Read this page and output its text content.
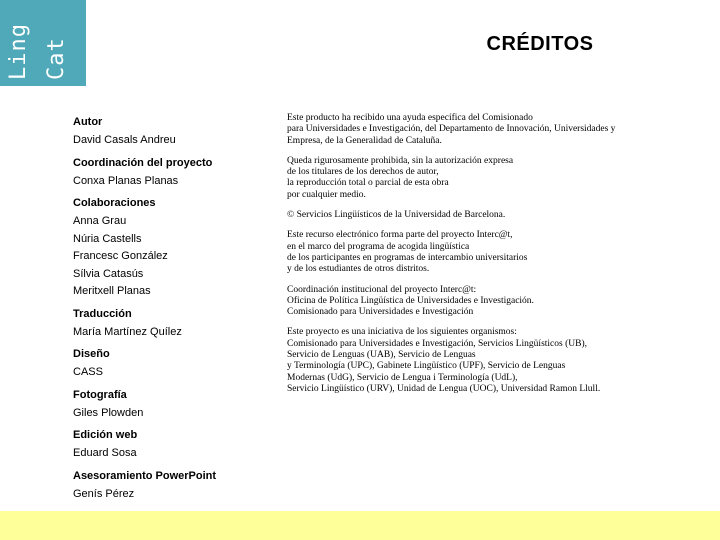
Ling Cat	CRÉDITOS
Autor
David Casals Andreu
Coordinación del proyecto
Conxa Planas Planas
Colaboraciones
Anna Grau
Núria Castells
Francesc González
Sílvia Catasús
Meritxell Planas
Traducción
María Martínez Quílez
Diseño
CASS
Fotografía
Giles Plowden
Edición web
Eduard Sosa
Asesoramiento PowerPoint
Genís Pérez
Este producto ha recibido una ayuda específica del Comisionado
para Universidades e Investigación, del Departamento de Innovación, Universidades y
Empresa, de la Generalidad de Cataluña.
Queda rigurosamente prohibida, sin la autorización expresa
de los titulares de los derechos de autor,
la reproducción total o parcial de esta obra
por cualquier medio.
© Servicios Lingüísticos de la Universidad de Barcelona.
Este recurso electrónico forma parte del proyecto Interc@t,
en el marco del programa de acogida lingüística
de los participantes en programas de intercambio universitarios
y de los estudiantes de otros distritos.
Coordinación institucional del proyecto Interc@t:
Oficina de Política Lingüística de Universidades e Investigación.
Comisionado para Universidades e Investigación
Este proyecto es una iniciativa de los siguientes organismos:
Comisionado para Universidades e Investigación, Servicios Lingüísticos (UB),
Servicio de Lenguas (UAB), Servicio de Lenguas
y Terminología (UPC), Gabinete Lingüístico (UPF), Servicio de Lenguas
Modernas (UdG), Servicio de Lengua i Terminología (UdL),
Servicio Lingüístico (URV), Unidad de Lengua (UOC), Universidad Ramon Llull.
